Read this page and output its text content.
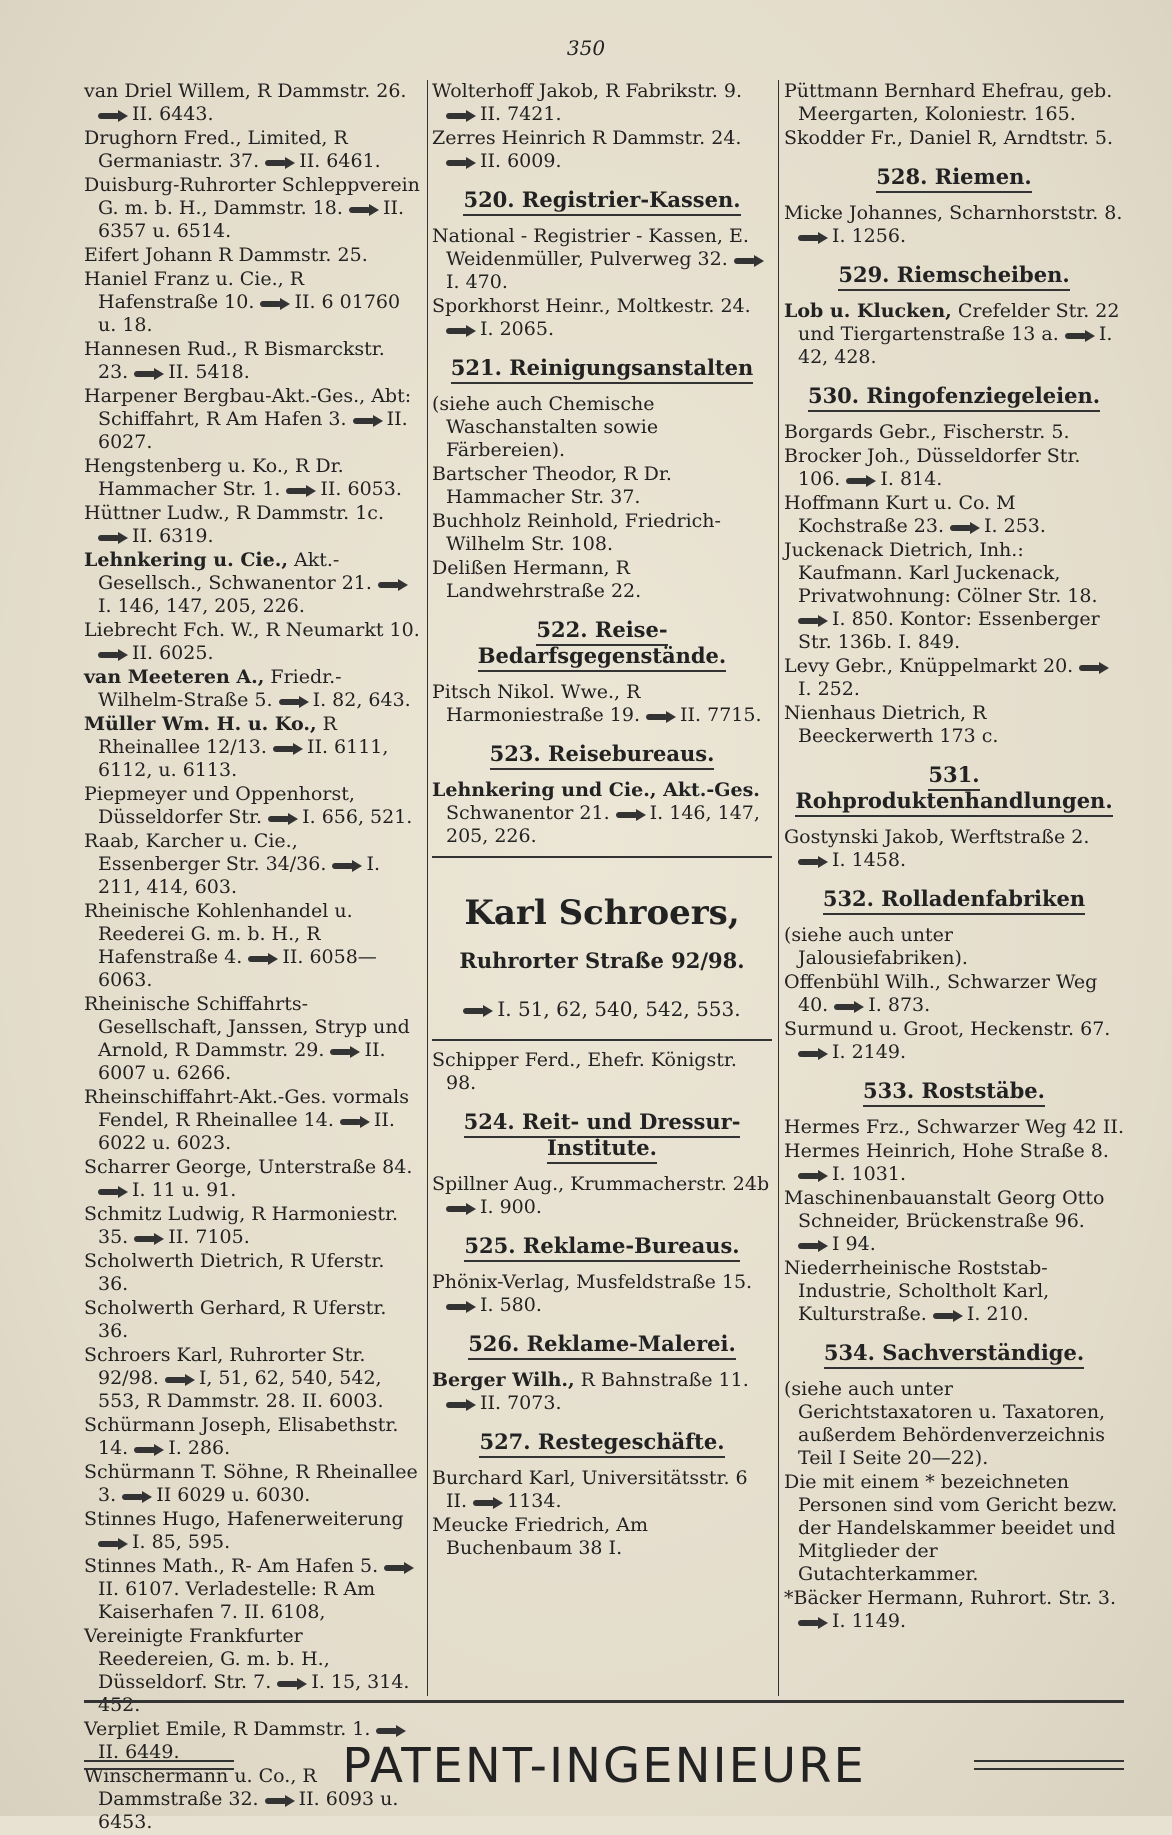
350
van Driel Willem, R Dammstr. 26. II. 6443.
Drughorn Fred., Limited, R Germaniastr. 37. II. 6461.
Duisburg-Ruhrorter Schleppverein G. m. b. H., Dammstr. 18. II. 6357 u. 6514.
Eifert Johann R Dammstr. 25.
Haniel Franz u. Cie., R Hafenstraße 10. II. 6 01760 u. 18.
Hannesen Rud., R Bismarckstr. 23. II. 5418.
Harpener Bergbau-Akt.-Ges., Abt: Schiffahrt, R Am Hafen 3. II. 6027.
Hengstenberg u. Ko., R Dr. Hammacher Str. 1. II. 6053.
Hüttner Ludw., R Dammstr. 1c. II. 6319.
Lehnkering u. Cie., Akt.-Gesellsch., Schwanentor 21. I. 146, 147, 205, 226.
Liebrecht Fch. W., R Neumarkt 10. II. 6025.
van Meeteren A., Friedr.-Wilhelm-Straße 5. I. 82, 643.
Müller Wm. H. u. Ko., R Rheinallee 12/13. II. 6111, 6112, u. 6113.
Piepmeyer und Oppenhorst, Düsseldorfer Str. I. 656, 521.
Raab, Karcher u. Cie., Essenberger Str. 34/36. I. 211, 414, 603.
Rheinische Kohlenhandel u. Reederei G. m. b. H., R Hafenstraße 4. II. 6058—6063.
Rheinische Schiffahrts-Gesellschaft, Janssen, Stryp und Arnold, R Dammstr. 29. II. 6007 u. 6266.
Rheinschiffahrt-Akt.-Ges. vormals Fendel, R Rheinallee 14. II. 6022 u. 6023.
Scharrer George, Unterstraße 84. I. 11 u. 91.
Schmitz Ludwig, R Harmoniestr. 35. II. 7105.
Scholwerth Dietrich, R Uferstr. 36.
Scholwerth Gerhard, R Uferstr. 36.
Schroers Karl, Ruhrorter Str. 92/98. I, 51, 62, 540, 542, 553, R Dammstr. 28. II. 6003.
Schürmann Joseph, Elisabethstr. 14. I. 286.
Schürmann T. Söhne, R Rheinallee 3. II 6029 u. 6030.
Stinnes Hugo, Hafenerweiterung I. 85, 595.
Stinnes Math., R- Am Hafen 5. II. 6107. Verladestelle: R Am Kaiserhafen 7. II. 6108,
Vereinigte Frankfurter Reedereien, G. m. b. H., Düsseldorf. Str. 7. I. 15, 314. 452.
Verpliet Emile, R Dammstr. 1. II. 6449.
Winschermann u. Co., R Dammstraße 32. II. 6093 u. 6453.
Wolterhoff Jakob, R Fabrikstr. 9. II. 7421.
Zerres Heinrich R Dammstr. 24. II. 6009.
520. Registrier-Kassen.
National - Registrier - Kassen, E. Weidenmüller, Pulverweg 32. I. 470.
Sporkhorst Heinr., Moltkestr. 24. I. 2065.
521. Reinigungsanstalten
(siehe auch Chemische Waschanstalten sowie Färbereien).
Bartscher Theodor, R Dr. Hammacher Str. 37.
Buchholz Reinhold, Friedrich-Wilhelm Str. 108.
Delißen Hermann, R Landwehrstraße 22.
522. Reise-Bedarfsgegenstände.
Pitsch Nikol. Wwe., R Harmoniestraße 19. II. 7715.
523. Reisebureaus.
Lehnkering und Cie., Akt.-Ges. Schwanentor 21. I. 146, 147, 205, 226.
Karl Schroers,
Ruhrorter Straße 92/98.
I. 51, 62, 540, 542, 553.
Schipper Ferd., Ehefr. Königstr. 98.
524. Reit- und Dressur-Institute.
Spillner Aug., Krummacherstr. 24b I. 900.
525. Reklame-Bureaus.
Phönix-Verlag, Musfeldstraße 15. I. 580.
526. Reklame-Malerei.
Berger Wilh., R Bahnstraße 11. II. 7073.
527. Restegeschäfte.
Burchard Karl, Universitätsstr. 6 II. 1134.
Meucke Friedrich, Am Buchenbaum 38 I.
Püttmann Bernhard Ehefrau, geb. Meergarten, Koloniestr. 165.
Skodder Fr., Daniel R, Arndtstr. 5.
528. Riemen.
Micke Johannes, Scharnhorststr. 8. I. 1256.
529. Riemscheiben.
Lob u. Klucken, Crefelder Str. 22 und Tiergartenstraße 13 a. I. 42, 428.
530. Ringofenziegeleien.
Borgards Gebr., Fischerstr. 5.
Brocker Joh., Düsseldorfer Str. 106. I. 814.
Hoffmann Kurt u. Co. M Kochstraße 23. I. 253.
Juckenack Dietrich, Inh.: Kaufmann. Karl Juckenack, Privatwohnung: Cölner Str. 18. I. 850. Kontor: Essenberger Str. 136b. I. 849.
Levy Gebr., Knüppelmarkt 20. I. 252.
Nienhaus Dietrich, R Beeckerwerth 173 c.
531. Rohproduktenhandlungen.
Gostynski Jakob, Werftstraße 2. I. 1458.
532. Rolladenfabriken
(siehe auch unter Jalousiefabriken).
Offenbühl Wilh., Schwarzer Weg 40. I. 873.
Surmund u. Groot, Heckenstr. 67. I. 2149.
533. Roststäbe.
Hermes Frz., Schwarzer Weg 42 II.
Hermes Heinrich, Hohe Straße 8. I. 1031.
Maschinenbauanstalt Georg Otto Schneider, Brückenstraße 96. I 94.
Niederrheinische Roststab-Industrie, Scholtholt Karl, Kulturstraße. I. 210.
534. Sachverständige.
(siehe auch unter Gerichtstaxatoren u. Taxatoren, außerdem Behördenverzeichnis Teil I Seite 20—22).
Die mit einem * bezeichneten Personen sind vom Gericht bezw. der Handelskammer beeidet und Mitglieder der Gutachterkammer.
*Bäcker Hermann, Ruhrort. Str. 3. I. 1149.
PATENT-INGENIEURE
